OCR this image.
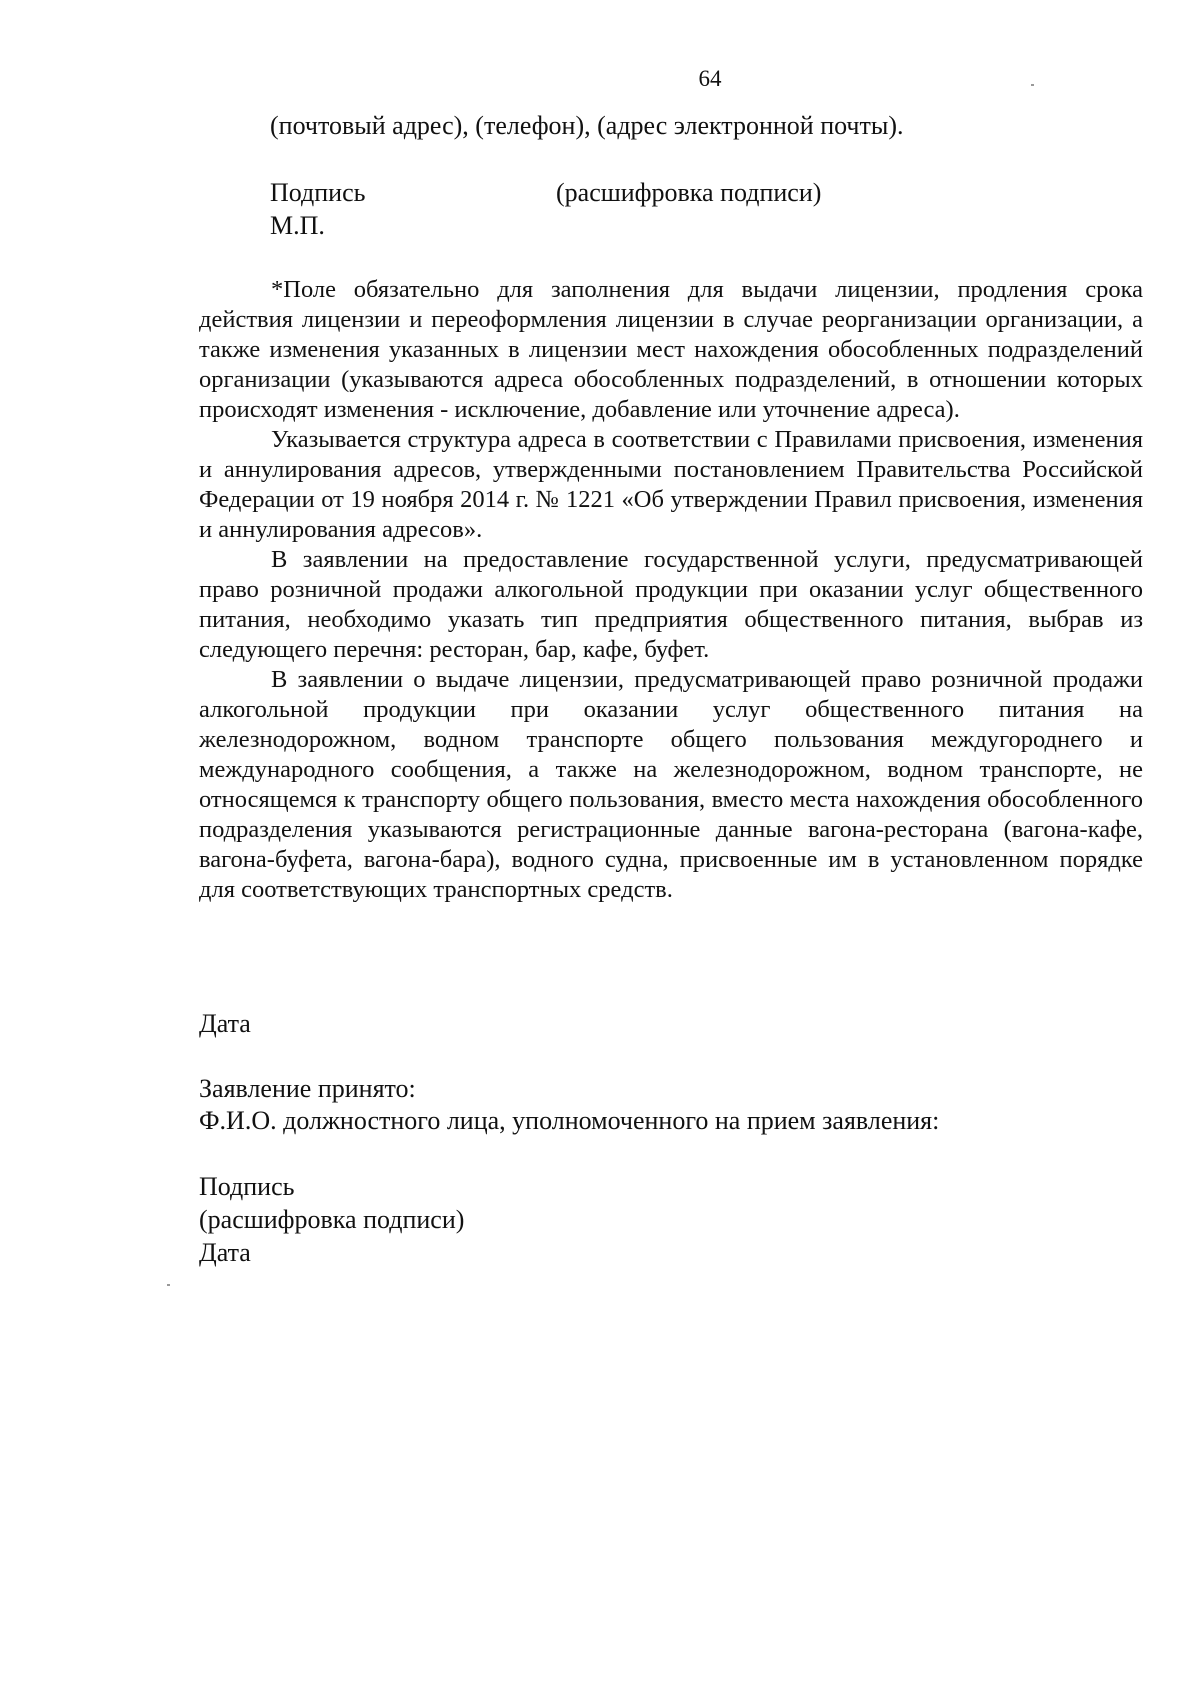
64
(почтовый адрес), (телефон), (адрес электронной почты).
Подпись	(расшифровка подписи)
М.П.

*Поле обязательно для заполнения для выдачи лицензии, продления срока действия лицензии и переоформления лицензии в случае реорганизации организации, а также изменения указанных в лицензии мест нахождения обособленных подразделений организации (указываются адреса обособленных подразделений, в отношении которых происходят изменения - исключение, добавление или уточнение адреса).

Указывается структура адреса в соответствии с Правилами присвоения, изменения и аннулирования адресов, утвержденными постановлением Правительства Российской Федерации от 19 ноября 2014 г. № 1221 «Об утверждении Правил присвоения, изменения и аннулирования адресов».

В заявлении на предоставление государственной услуги, предусматривающей право розничной продажи алкогольной продукции при оказании услуг общественного питания, необходимо указать тип предприятия общественного питания, выбрав из следующего перечня: ресторан, бар, кафе, буфет.

В заявлении о выдаче лицензии, предусматривающей право розничной продажи алкогольной продукции при оказании услуг общественного питания на железнодорожном, водном транспорте общего пользования междугороднего и международного сообщения, а также на железнодорожном, водном транспорте, не относящемся к транспорту общего пользования, вместо места нахождения обособленного подразделения указываются регистрационные данные вагона-ресторана (вагона-кафе, вагона-буфета, вагона-бара), водного судна, присвоенные им в установленном порядке для соответствующих транспортных средств.

Дата
Заявление принято:
Ф.И.О. должностного лица, уполномоченного на прием заявления:
Подпись
(расшифровка подписи)
Дата
